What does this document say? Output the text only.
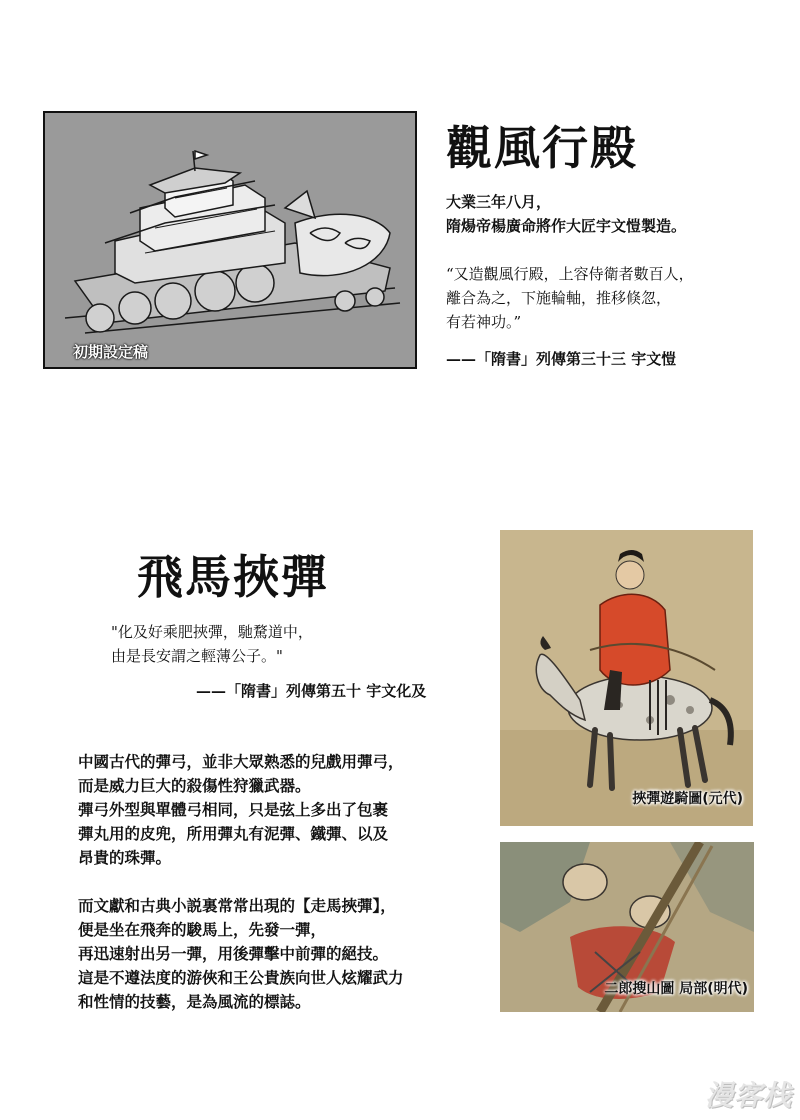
初期設定稿
觀風行殿
大業三年八月，
隋煬帝楊廣命將作大匠宇文愷製造。
“又造觀風行殿，上容侍衛者數百人，
離合為之，下施輪軸，推移倏忽，
有若神功。”
——「隋書」列傳第三十三 宇文愷
飛馬挾彈
"化及好乘肥挾彈，馳騖道中，
由是長安謂之輕薄公子。"
——「隋書」列傳第五十 宇文化及

中國古代的彈弓，並非大眾熟悉的兒戲用彈弓，

而是威力巨大的殺傷性狩獵武器。

彈弓外型與單體弓相同，只是弦上多出了包裹

彈丸用的皮兜，所用彈丸有泥彈、鐵彈、以及

昂貴的珠彈。

而文獻和古典小説裏常常出現的【走馬挾彈】，

便是坐在飛奔的駿馬上，先發一彈，

再迅速射出另一彈，用後彈擊中前彈的絕技。

這是不遵法度的游俠和王公貴族向世人炫耀武力

和性情的技藝，是為風流的標誌。

挾彈遊騎圖(元代)
二郎搜山圖 局部(明代)
漫客栈
